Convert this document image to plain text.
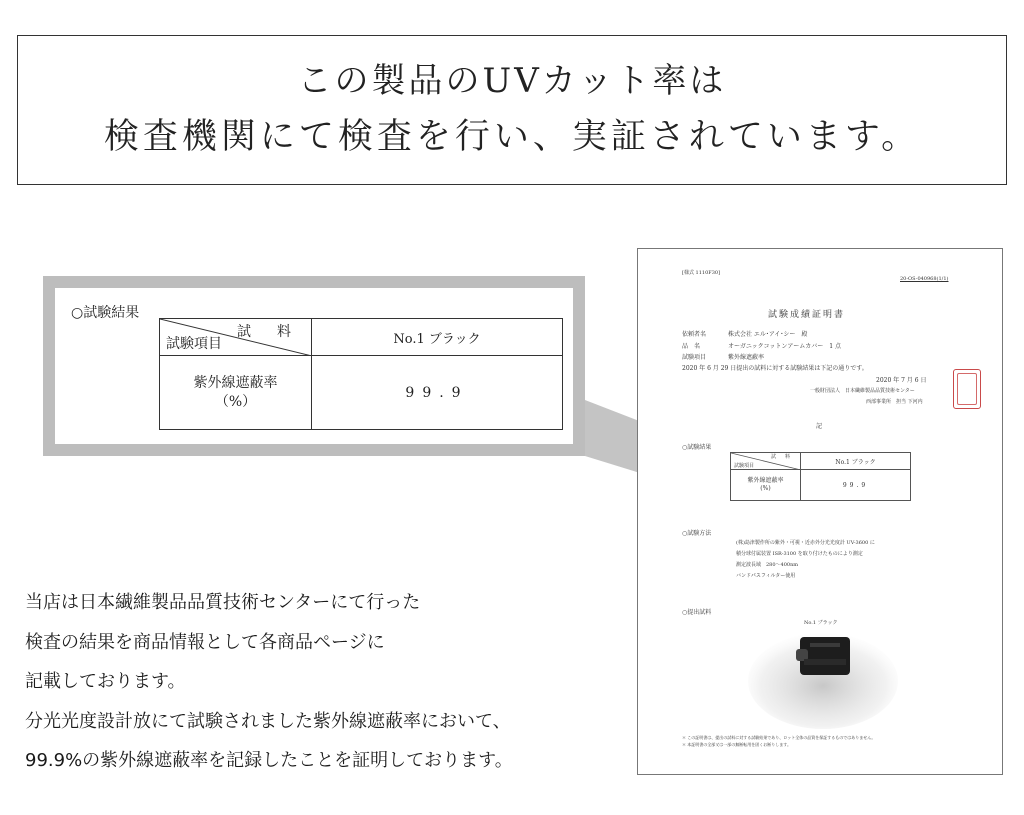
この製品のUVカット率は
検査機関にて検査を行い、実証されています。
○試験結果
試　料
試験項目	No.1 ブラック

紫外線遮蔽率
（%）	99.9

当店は日本繊維製品品質技術センターにて行った

検査の結果を商品情報として各商品ページに

記載しております。

分光光度設計放にて試験されました紫外線遮蔽率において、

99.9%の紫外線遮蔽率を記録したことを証明しております。

[様式 1110F30]
20-OS-040968(1/1)
試験成績証明書
依頼者名	株式会社 エル･アイ･シー　殿
品　名	オーガニックコットンアームカバー　1 点
試験項目	紫外線遮蔽率
2020 年 6 月 29 日提出の試料に対する試験結果は下記の通りです。
2020 年 7 月 6 日
一般財団法人　日本繊維製品品質技術センター
西部事業所　担当 下河内
記
○試験結果
試　料
試験項目	No.1 ブラック

紫外線遮蔽率
(%)	99.9
○試験方法
(株)島津製作所の紫外・可視・近赤外分光光度計 UV-3600 に
積分球付属装置 ISR-3100 を取り付けたものにより測定
測定波長域　280〜400nm
バンドパスフィルター使用
○提出試料
No.1 ブラック
＊ この証明書は、提出の試料に対する試験結果であり、ロット全体の品質を保証するものではありません。
＊ 本証明書の全部又は一部の無断転用を固くお断りします。
